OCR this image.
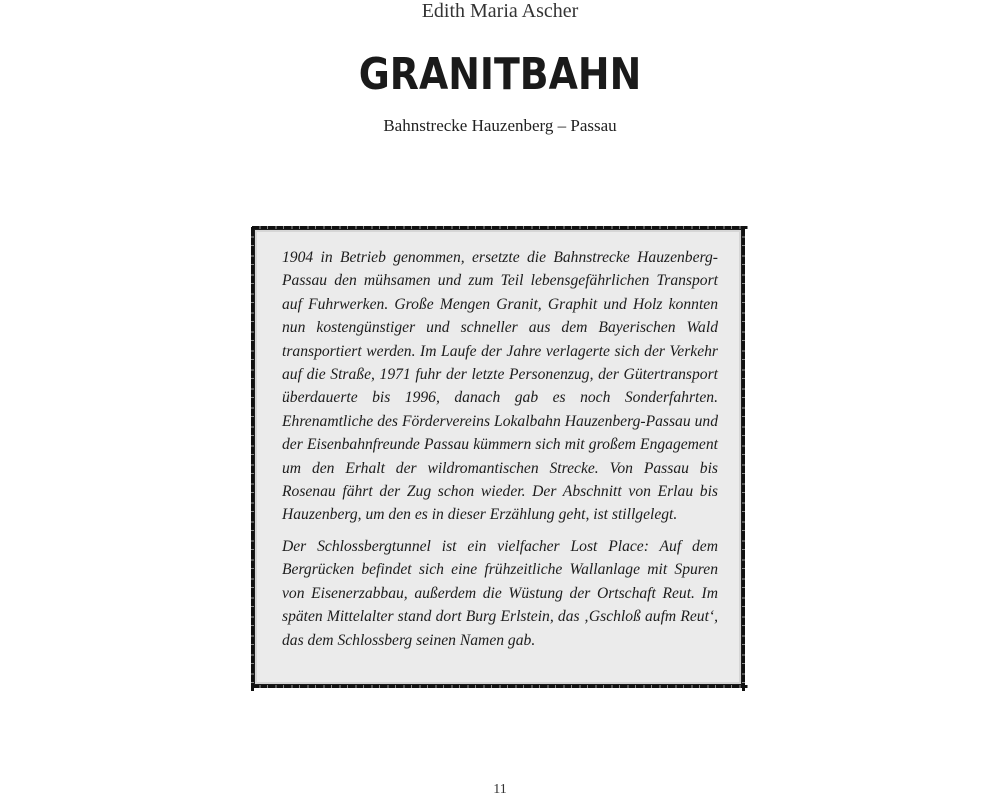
Edith Maria Ascher
GRANITBAHN
Bahnstrecke Hauzenberg – Passau

1904 in Betrieb genommen, ersetzte die Bahnstrecke Hauzenberg-Passau den mühsamen und zum Teil lebensgefährlichen Transport auf Fuhrwerken. Große Mengen Granit, Graphit und Holz konnten nun kostengünstiger und schneller aus dem Bayerischen Wald transportiert werden. Im Laufe der Jahre verlagerte sich der Verkehr auf die Straße, 1971 fuhr der letzte Personenzug, der Gütertransport überdauerte bis 1996, danach gab es noch Sonderfahrten. Ehrenamtliche des Fördervereins Lokalbahn Hauzenberg-Passau und der Eisenbahnfreunde Passau kümmern sich mit großem Engagement um den Erhalt der wildromantischen Strecke. Von Passau bis Rosenau fährt der Zug schon wieder. Der Abschnitt von Erlau bis Hauzenberg, um den es in dieser Erzählung geht, ist stillgelegt.

Der Schlossbergtunnel ist ein vielfacher Lost Place: Auf dem Bergrücken befindet sich eine frühzeitliche Wallanlage mit Spuren von Eisenerzabbau, außerdem die Wüstung der Ortschaft Reut. Im späten Mittelalter stand dort Burg Erlstein, das ‚Gschloß aufm Reut‘, das dem Schlossberg seinen Namen gab.

11
